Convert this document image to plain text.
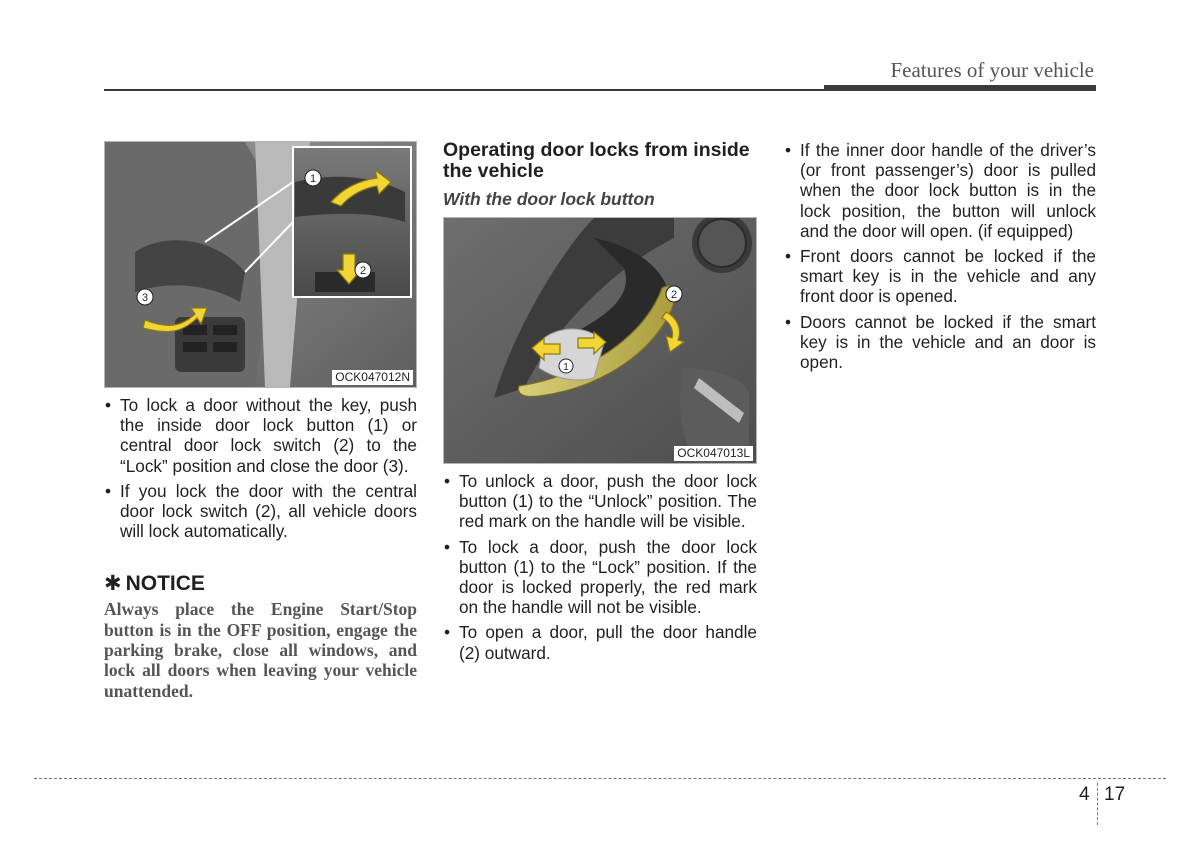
Features of your vehicle
1
2
3
OCK047012N
• To lock a door without the key, push the inside door lock button (1) or central door lock switch (2) to the “Lock” position and close the door (3).
• If you lock the door with the central door lock switch (2), all vehicle doors will lock automatically.
✱ NOTICE
Always place the Engine Start/Stop button is in the OFF position, engage the parking brake, close all windows, and lock all doors when leaving your vehicle unattended.
Operating door locks from inside the vehicle
With the door lock button
1
2
OCK047013L
• To unlock a door, push the door lock button (1) to the “Unlock” position. The red mark on the handle will be visible.
• To lock a door, push the door lock button (1) to the “Lock” position. If the door is locked properly, the red mark on the handle will not be visible.
• To open a door, pull the door handle (2) outward.
• If the inner door handle of the driver’s (or front passenger’s) door is pulled when the door lock button is in the lock position, the button will unlock and the door will open. (if equipped)
• Front doors cannot be locked if the smart key is in the vehicle and any front door is opened.
• Doors cannot be locked if the smart key is in the vehicle and an door is open.
4 17
